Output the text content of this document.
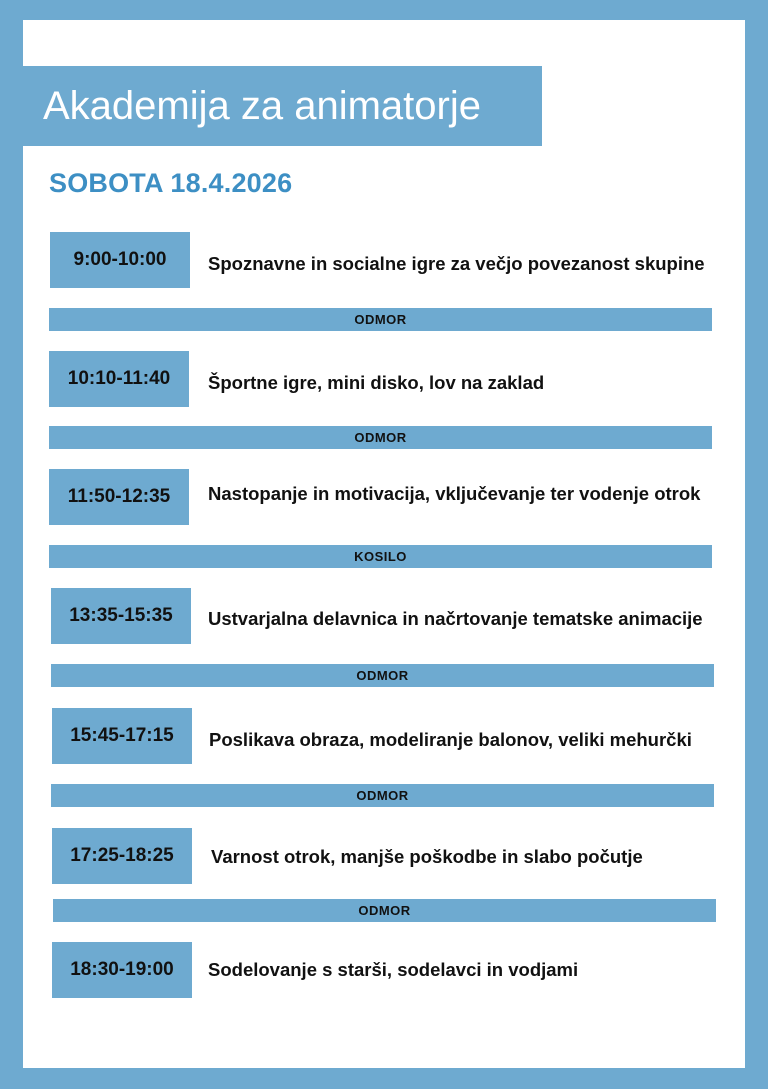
Akademija za animatorje
SOBOTA 18.4.2026
9:00-10:00 Spoznavne in socialne igre za večjo povezanost skupine
ODMOR
10:10-11:40 Športne igre, mini disko, lov na zaklad
ODMOR
11:50-12:35 Nastopanje in motivacija, vključevanje ter vodenje otrok
KOSILO
13:35-15:35 Ustvarjalna delavnica in načrtovanje tematske animacije
ODMOR
15:45-17:15 Poslikava obraza, modeliranje balonov, veliki mehurčki
ODMOR
17:25-18:25 Varnost otrok, manjše poškodbe in slabo počutje
ODMOR
18:30-19:00 Sodelovanje s starši, sodelavci in vodjami
